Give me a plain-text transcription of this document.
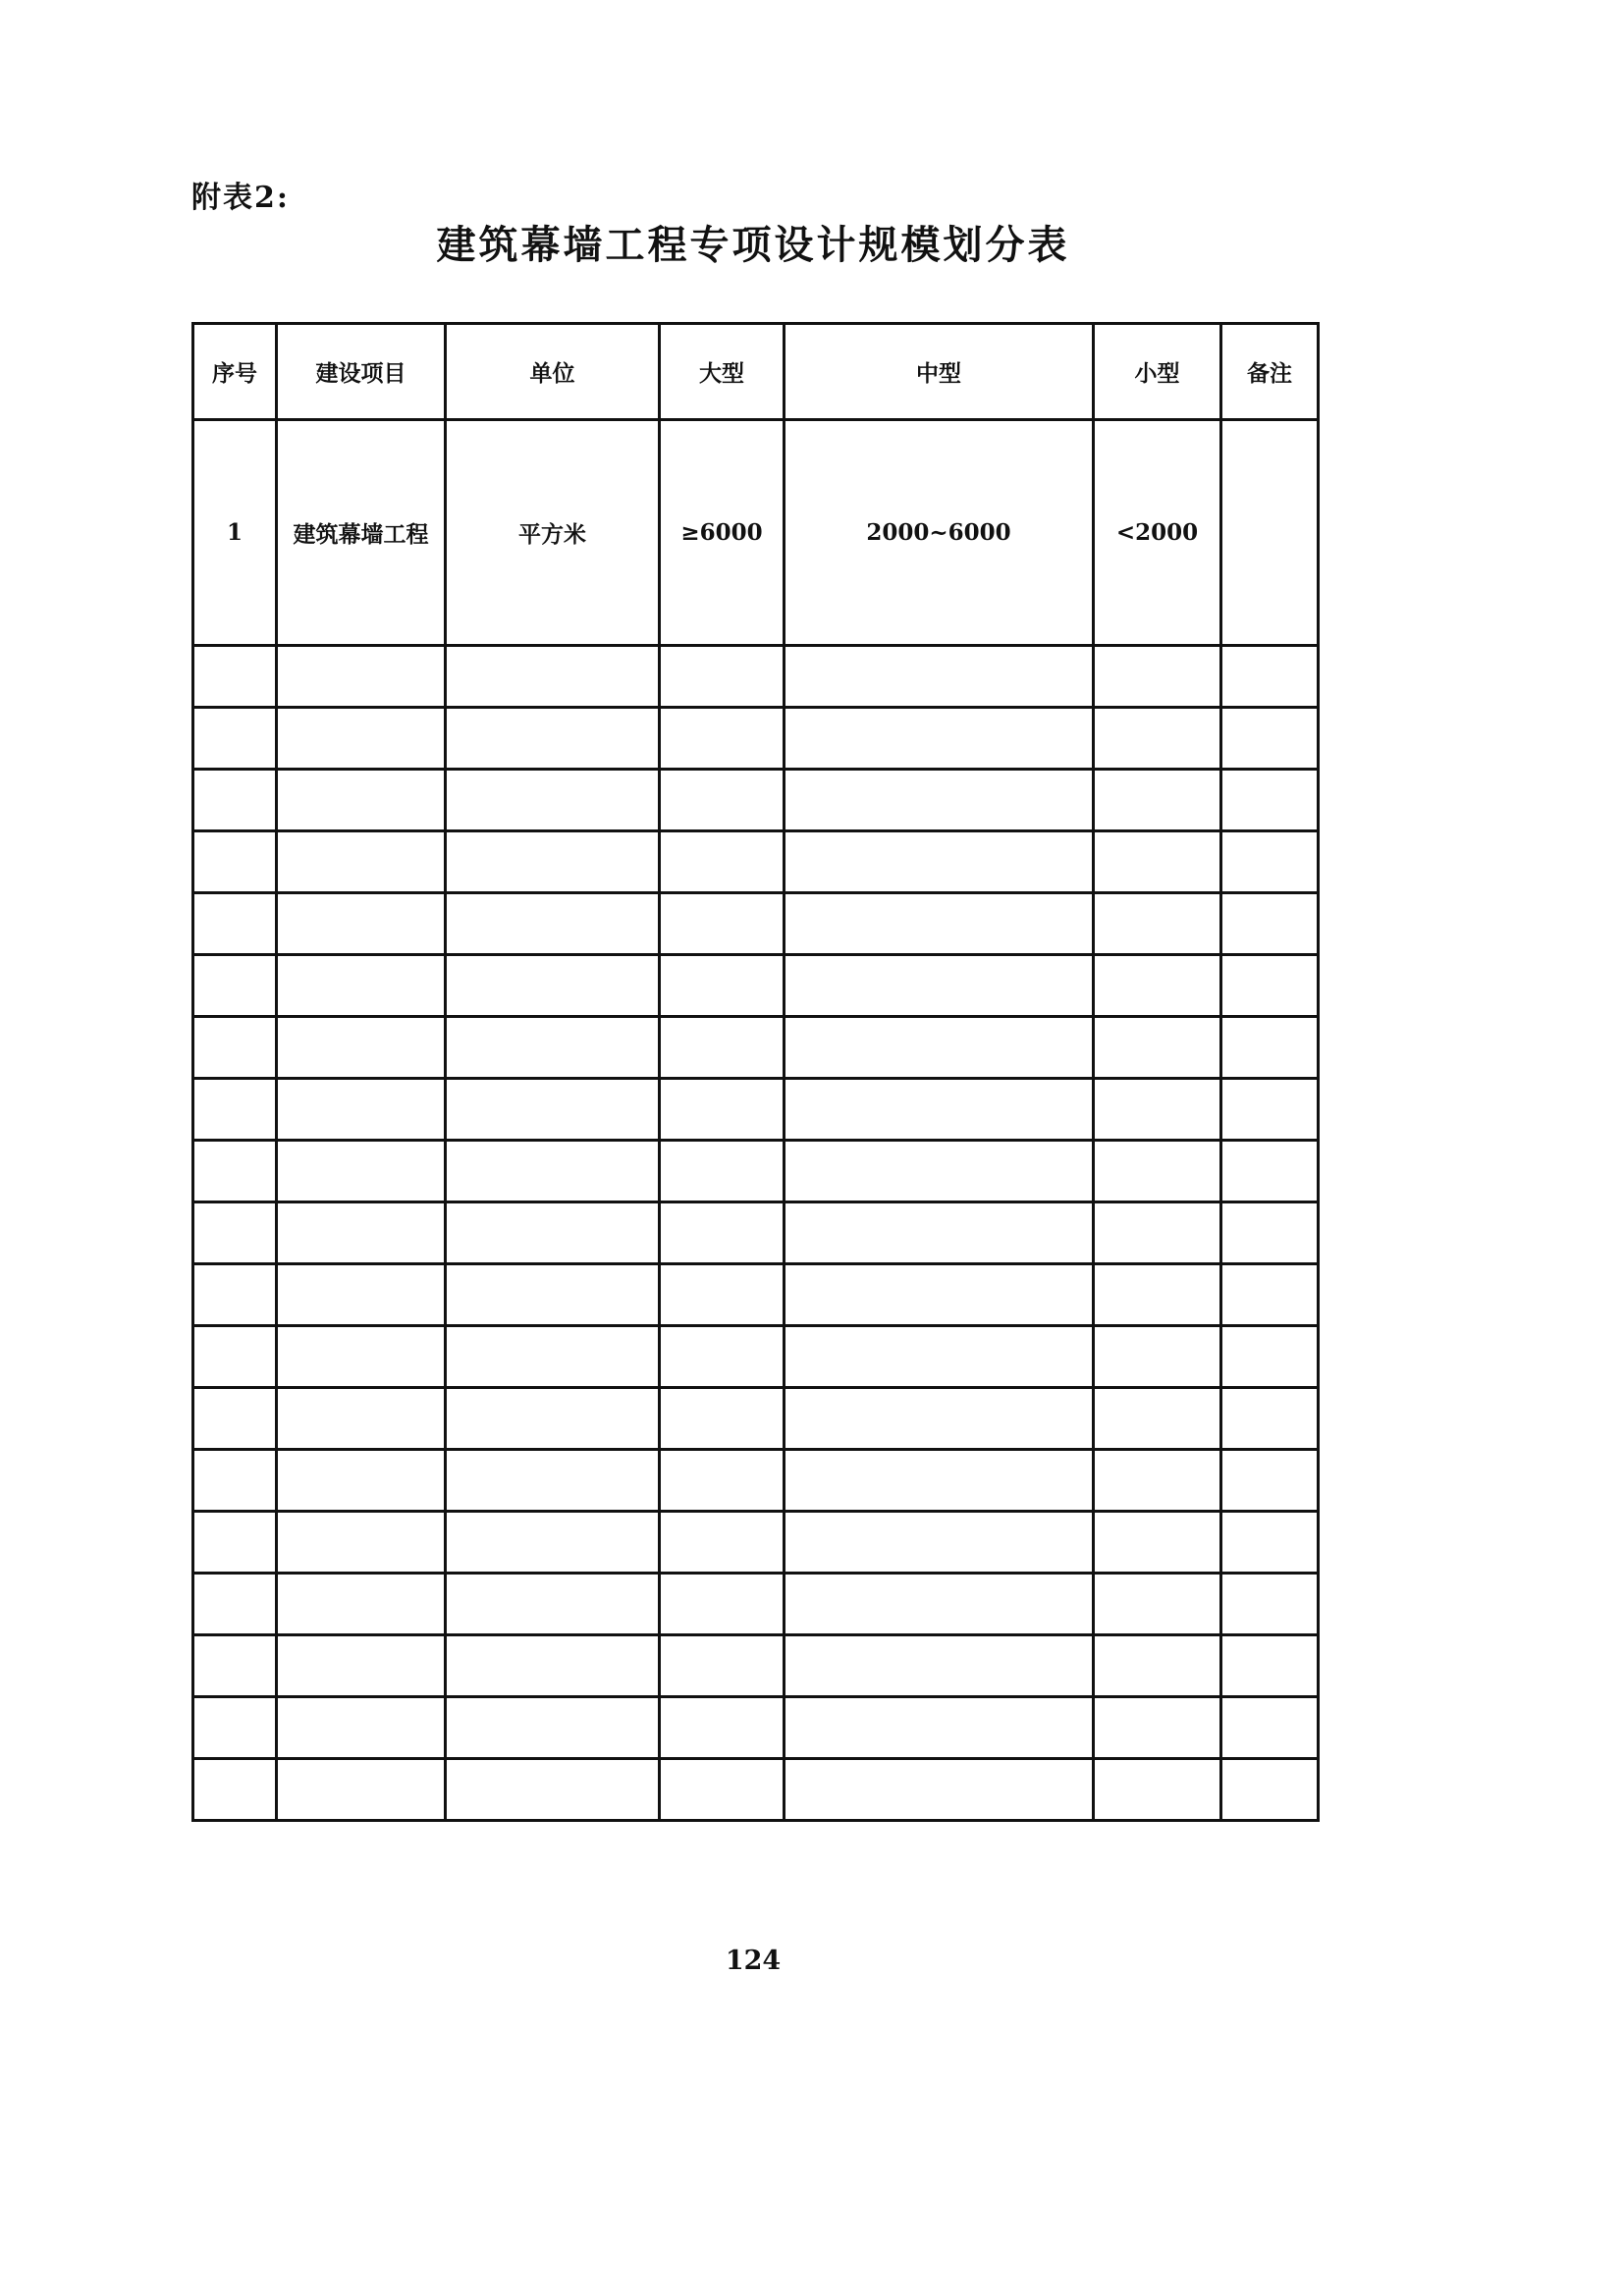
附表2:
建筑幕墙工程专项设计规模划分表
序号	建设项目	单位	大型	中型	小型	备注
1	建筑幕墙工程	平方米	≥6000	2000~6000	<2000	

124
